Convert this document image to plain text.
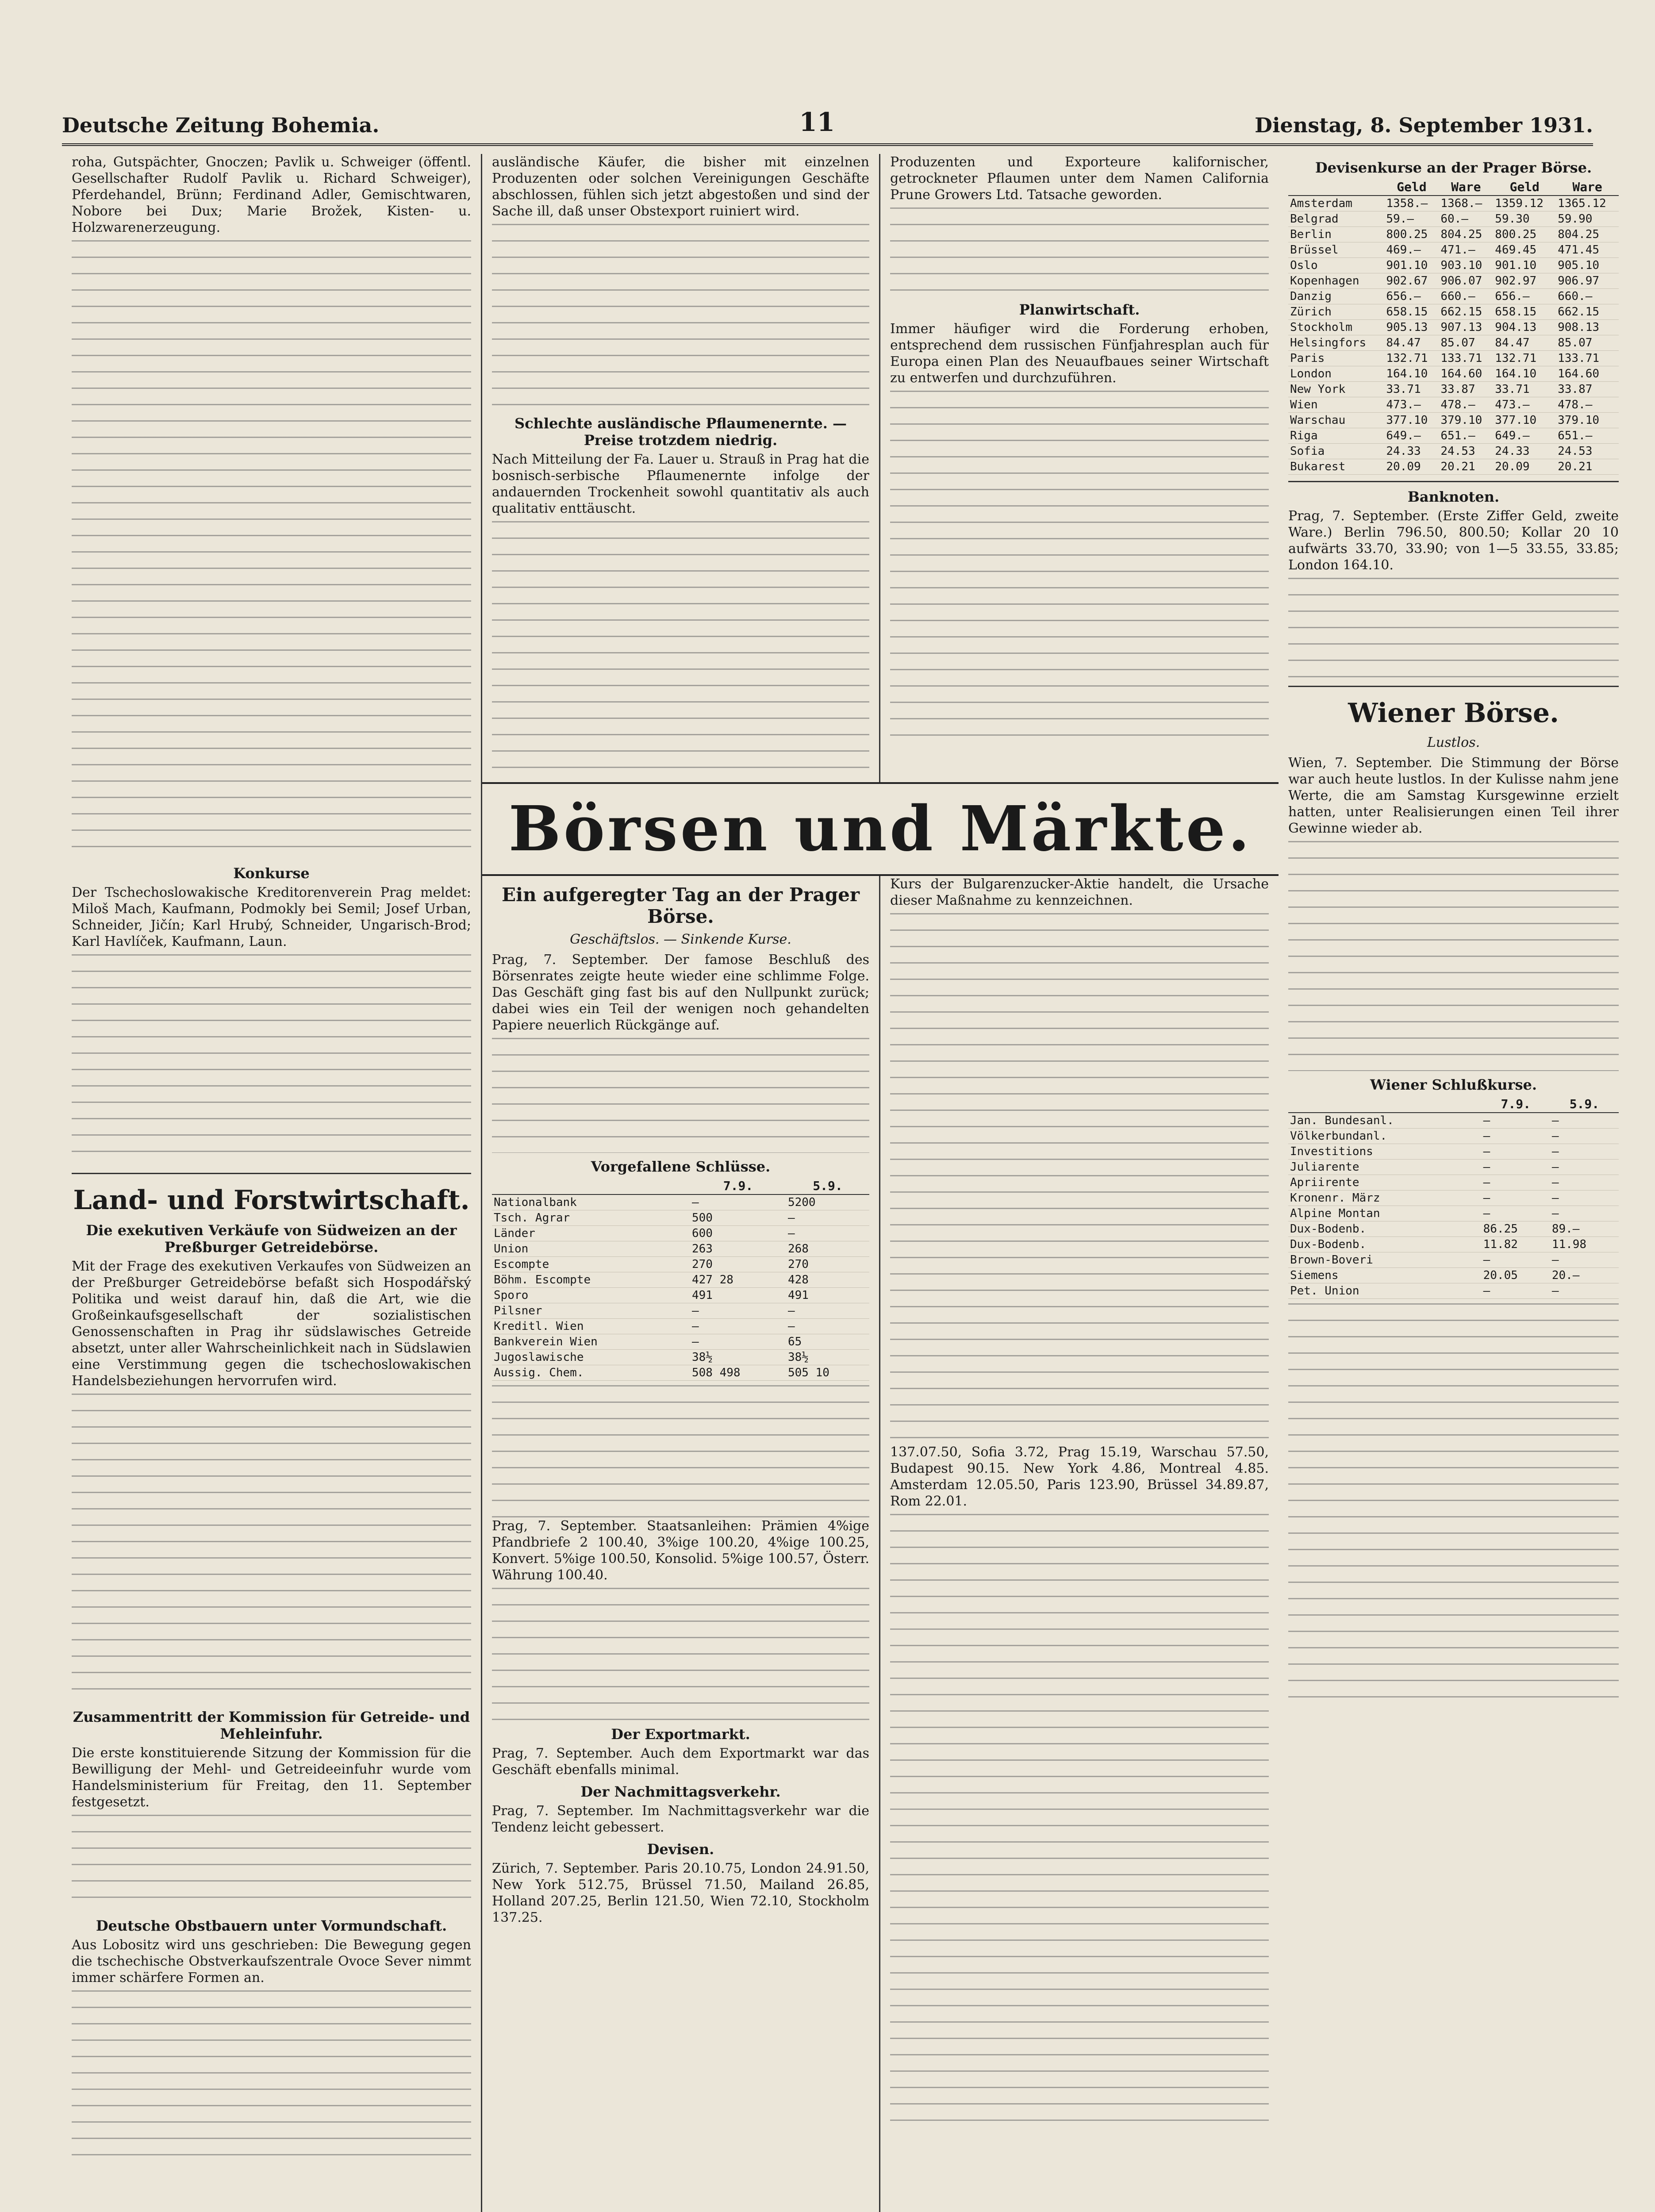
Deutsche Zeitung Bohemia.	11	Dienstag, 8. September 1931.

roha, Gutspächter, Gnoczen; Pavlik u. Schweiger (öffentl. Gesellschafter Rudolf Pavlik u. Richard Schweiger), Pferdehandel, Brünn; Ferdinand Adler, Gemischtwaren, Nobore bei Dux; Marie Brožek, Kisten- u. Holzwarenerzeugung.

Konkurse

Der Tschechoslowakische Kreditorenverein Prag meldet: Miloš Mach, Kaufmann, Podmokly bei Semil; Josef Urban, Schneider, Jičín; Karl Hrubý, Schneider, Ungarisch-Brod; Karl Havlíček, Kaufmann, Laun.

Land- und Forstwirtschaft.
Die exekutiven Verkäufe von Südweizen an der Preßburger Getreidebörse.

Mit der Frage des exekutiven Verkaufes von Südweizen an der Preßburger Getreidebörse befaßt sich Hospodářský Politika und weist darauf hin, daß die Art, wie die Großeinkaufsgesellschaft der sozialistischen Genossenschaften in Prag ihr südslawisches Getreide absetzt, unter aller Wahrscheinlichkeit nach in Südslawien eine Verstimmung gegen die tschechoslowakischen Handelsbeziehungen hervorrufen wird.

Zusammentritt der Kommission für Getreide- und Mehleinfuhr.

Die erste konstituierende Sitzung der Kommission für die Bewilligung der Mehl- und Getreideeinfuhr wurde vom Handelsministerium für Freitag, den 11. September festgesetzt.

Deutsche Obstbauern unter Vormundschaft.

Aus Lobositz wird uns geschrieben: Die Bewegung gegen die tschechische Obstverkaufszentrale Ovoce Sever nimmt immer schärfere Formen an.

ausländische Käufer, die bisher mit einzelnen Produzenten oder solchen Vereinigungen Geschäfte abschlossen, fühlen sich jetzt abgestoßen und sind der Sache ill, daß unser Obstexport ruiniert wird.

Schlechte ausländische Pflaumenernte. — Preise trotzdem niedrig.

Nach Mitteilung der Fa. Lauer u. Strauß in Prag hat die bosnisch-serbische Pflaumenernte infolge der andauernden Trockenheit sowohl quantitativ als auch qualitativ enttäuscht.

Produzenten und Exporteure kalifornischer, getrockneter Pflaumen unter dem Namen California Prune Growers Ltd. Tatsache geworden.

Planwirtschaft.

Immer häufiger wird die Forderung erhoben, entsprechend dem russischen Fünfjahresplan auch für Europa einen Plan des Neuaufbaues seiner Wirtschaft zu entwerfen und durchzuführen.

Börsen und Märkte.
Ein aufgeregter Tag an der Prager Börse.
Geschäftslos. — Sinkende Kurse.

Prag, 7. September. Der famose Beschluß des Börsenrates zeigte heute wieder eine schlimme Folge. Das Geschäft ging fast bis auf den Nullpunkt zurück; dabei wies ein Teil der wenigen noch gehandelten Papiere neuerlich Rückgänge auf.

Vorgefallene Schlüsse.
	7.9.	5.9.
Nationalbank	—	5200
Tsch. Agrar	500	—
Länder	600	—
Union	263	268
Escompte	270	270
Böhm. Escompte	427 28	428
Sporo	491	491
Pilsner	—	—
Kreditl. Wien	—	—
Bankverein Wien	—	65
Jugoslawische	38½	38½
Aussig. Chem.	508 498	505 10

Prag, 7. September. Staatsanleihen: Prämien 4%ige Pfandbriefe 2 100.40, 3%ige 100.20, 4%ige 100.25, Konvert. 5%ige 100.50, Konsolid. 5%ige 100.57, Österr. Währung 100.40.

Der Exportmarkt.

Prag, 7. September. Auch dem Exportmarkt war das Geschäft ebenfalls minimal.

Der Nachmittagsverkehr.

Prag, 7. September. Im Nachmittagsverkehr war die Tendenz leicht gebessert.

Devisen.

Zürich, 7. September. Paris 20.10.75, London 24.91.50, New York 512.75, Brüssel 71.50, Mailand 26.85, Holland 207.25, Berlin 121.50, Wien 72.10, Stockholm 137.25.

Kurs der Bulgarenzucker-Aktie handelt, die Ursache dieser Maßnahme zu kennzeichnen.

137.07.50, Sofia 3.72, Prag 15.19, Warschau 57.50, Budapest 90.15. New York 4.86, Montreal 4.85. Amsterdam 12.05.50, Paris 123.90, Brüssel 34.89.87, Rom 22.01.

Devisenkurse an der Prager Börse.
	Geld	Ware	Geld	Ware
Amsterdam	1358.—	1368.—	1359.12	1365.12
Belgrad	59.—	60.—	59.30	59.90
Berlin	800.25	804.25	800.25	804.25
Brüssel	469.—	471.—	469.45	471.45
Oslo	901.10	903.10	901.10	905.10
Kopenhagen	902.67	906.07	902.97	906.97
Danzig	656.—	660.—	656.—	660.—
Zürich	658.15	662.15	658.15	662.15
Stockholm	905.13	907.13	904.13	908.13
Helsingfors	84.47	85.07	84.47	85.07
Paris	132.71	133.71	132.71	133.71
London	164.10	164.60	164.10	164.60
New York	33.71	33.87	33.71	33.87
Wien	473.—	478.—	473.—	478.—
Warschau	377.10	379.10	377.10	379.10
Riga	649.—	651.—	649.—	651.—
Sofia	24.33	24.53	24.33	24.53
Bukarest	20.09	20.21	20.09	20.21
Banknoten.

Prag, 7. September. (Erste Ziffer Geld, zweite Ware.) Berlin 796.50, 800.50; Kollar 20 10 aufwärts 33.70, 33.90; von 1—5 33.55, 33.85; London 164.10.

Wiener Börse.
Lustlos.

Wien, 7. September. Die Stimmung der Börse war auch heute lustlos. In der Kulisse nahm jene Werte, die am Samstag Kursgewinne erzielt hatten, unter Realisierungen einen Teil ihrer Gewinne wieder ab.

Wiener Schlußkurse.
	7.9.	5.9.
Jan. Bundesanl.	—	—
Völkerbundanl.	—	—
Investitions	—	—
Juliarente	—	—
Apriirente	—	—
Kronenr. März	—	—
Alpine Montan	—	—
Dux-Bodenb.	86.25	89.—
Dux-Bodenb.	11.82	11.98
Brown-Boveri	—	—
Siemens	20.05	20.—
Pet. Union	—	—
